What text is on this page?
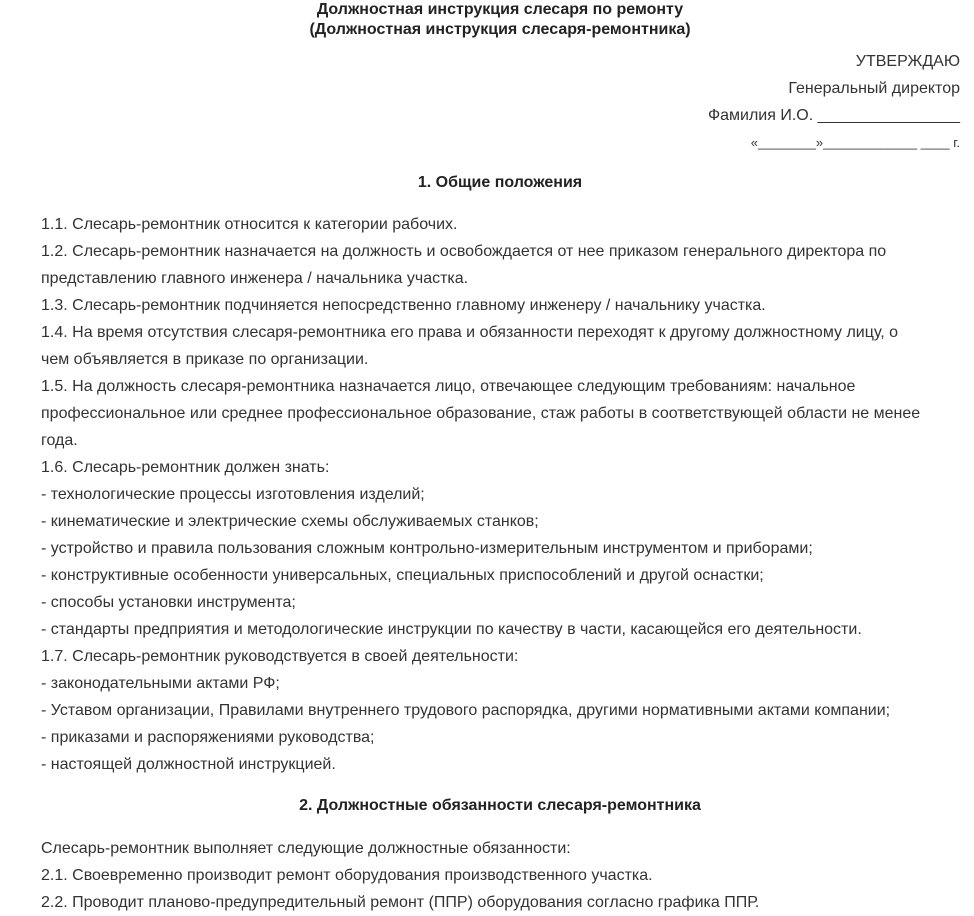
Должностная инструкция слесаря по ремонту
(Должностная инструкция слесаря-ремонтника)
УТВЕРЖДАЮ
Генеральный директор
Фамилия И.О. ________________
«________»_____________ ____ г.
1. Общие положения
1.1. Слесарь-ремонтник относится к категории рабочих.
1.2. Слесарь-ремонтник назначается на должность и освобождается от нее приказом генерального директора по
представлению главного инженера / начальника участка.
1.3. Слесарь-ремонтник подчиняется непосредственно главному инженеру / начальнику участка.
1.4. На время отсутствия слесаря-ремонтника его права и обязанности переходят к другому должностному лицу, о
чем объявляется в приказе по организации.
1.5. На должность слесаря-ремонтника назначается лицо, отвечающее следующим требованиям: начальное
профессиональное или среднее профессиональное образование, стаж работы в соответствующей области не менее
года.
1.6. Слесарь-ремонтник должен знать:
- технологические процессы изготовления изделий;
- кинематические и электрические схемы обслуживаемых станков;
- устройство и правила пользования сложным контрольно-измерительным инструментом и приборами;
- конструктивные особенности универсальных, специальных приспособлений и другой оснастки;
- способы установки инструмента;
- стандарты предприятия и методологические инструкции по качеству в части, касающейся его деятельности.
1.7. Слесарь-ремонтник руководствуется в своей деятельности:
- законодательными актами РФ;
- Уставом организации, Правилами внутреннего трудового распорядка, другими нормативными актами компании;
- приказами и распоряжениями руководства;
- настоящей должностной инструкцией.
2. Должностные обязанности слесаря-ремонтника
Слесарь-ремонтник выполняет следующие должностные обязанности:
2.1. Своевременно производит ремонт оборудования производственного участка.
2.2. Проводит планово-предупредительный ремонт (ППР) оборудования согласно графика ППР.
